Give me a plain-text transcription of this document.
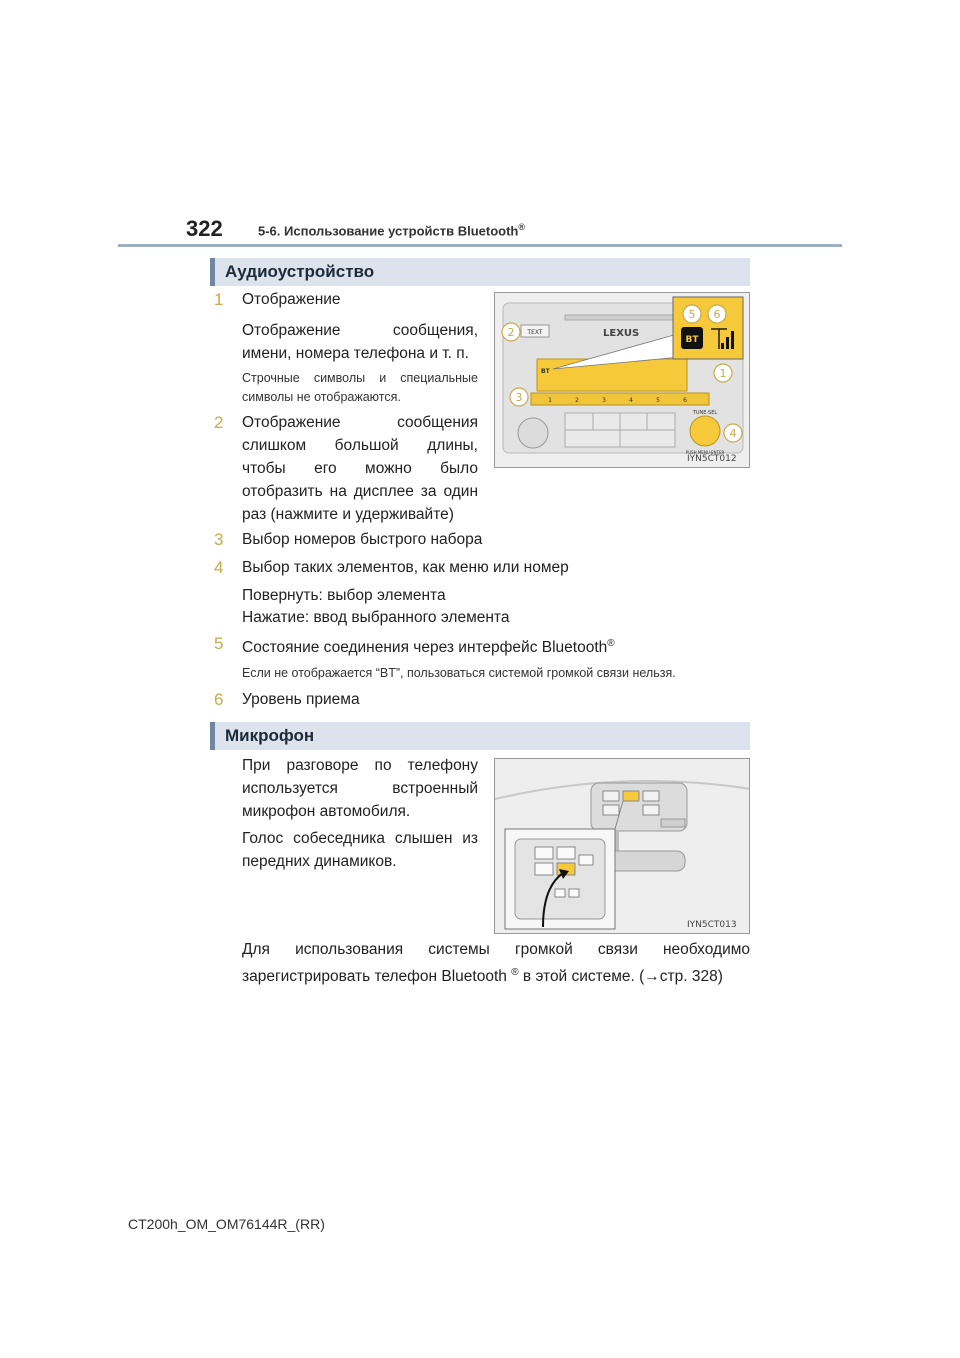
322	5-6. Использование устройств Bluetooth®
Аудиоустройство
1 Отображение
Отображение сообщения,
имени, номера телефона и т. п.
Строчные символы и специальные
символы не отображаются.
2 Отображение сообщения
слишком большой длины,
чтобы его можно было
отобразить на дисплее за один
раз (нажмите и удерживайте)
3 Выбор номеров быстрого набора
4 Выбор таких элементов, как меню или номер
Повернуть: выбор элемента
Нажатие: ввод выбранного элемента
5 Состояние соединения через интерфейс Bluetooth®
Если не отображается “BT”, пользоваться системой громкой связи нельзя.
6 Уровень приема
TEXT	LEXUS
BT
BT
1	2	3	4	5	6
TUNE·SEL
PUSH MENU·ENTER
1
2
3
4
5 6
IYN5CT012
Микрофон
При разговоре по телефону
используется встроенный
микрофон автомобиля.
Голос собеседника слышен из
передних динамиков.
IYN5CT013
Для использования системы громкой связи необходимо
зарегистрировать телефон Bluetooth ® в этой системе. (→стр. 328)
CT200h_OM_OM76144R_(RR)
